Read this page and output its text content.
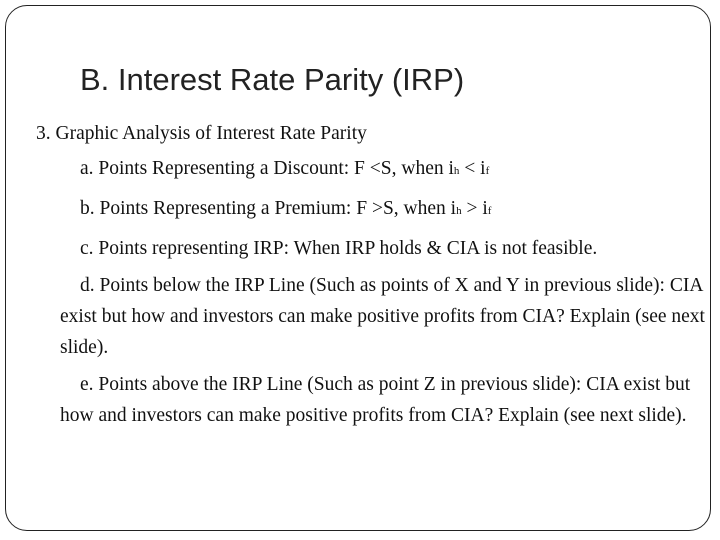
B. Interest Rate Parity (IRP)
3. Graphic Analysis of Interest Rate Parity
a. Points Representing a Discount: F <S, when ih < if
b. Points Representing a Premium: F >S, when ih > if
c. Points representing IRP: When IRP holds & CIA is not feasible.
d. Points below the IRP Line (Such as points of X and Y in previous slide): CIA exist but how and investors can make positive profits from CIA? Explain (see next slide).
e. Points above the IRP Line (Such as point Z in previous slide): CIA exist but how and investors can make positive profits from CIA? Explain (see next slide).
